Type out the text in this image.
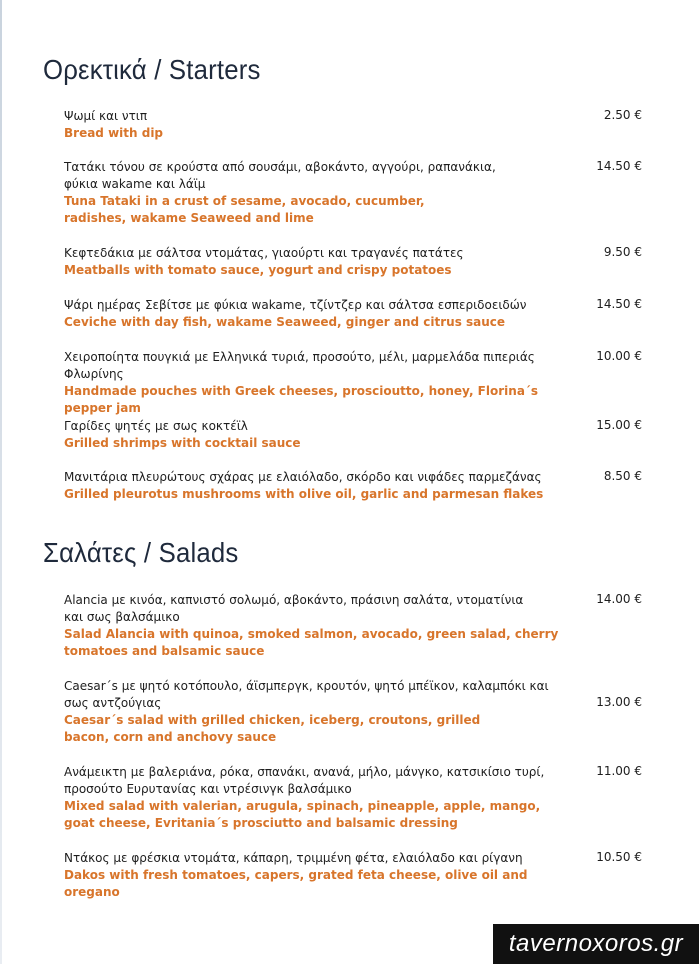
Ορεκτικά / Starters
Ψωμί και ντιπ
Bread with dip
2.50 €
Τατάκι τόνου σε κρούστα από σουσάμι, αβοκάντο, αγγούρι, ραπανάκια, φύκια wakame και λάϊμ
Tuna Tataki in a crust of sesame, avocado, cucumber, radishes, wakame Seaweed and lime
14.50 €
Κεφτεδάκια με σάλτσα ντομάτας, γιαούρτι και τραγανές πατάτες
Meatballs with tomato sauce, yogurt and crispy potatoes
9.50 €
Ψάρι ημέρας Σεβίτσε με φύκια wakame, τζίντζερ και σάλτσα εσπεριδοειδών
Ceviche with day fish, wakame Seaweed, ginger and citrus sauce
14.50 €
Χειροποίητα πουγκιά με Ελληνικά τυριά, προσούτο, μέλι, μαρμελάδα πιπεριάς Φλωρίνης
Handmade pouches with Greek cheeses, prosciouttο, honey, Florina´s pepper jam
10.00 €
Γαρίδες ψητές με σως κοκτέϊλ
Grilled shrimps with cocktail sauce
15.00 €
Μανιτάρια πλευρώτους σχάρας με ελαιόλαδο, σκόρδο και νιφάδες παρμεζάνας
Grilled pleurotus mushrooms with olive oil, garlic and parmesan flakes
8.50 €
Σαλάτες / Salads
Alancia με κινόα, καπνιστό σολωμό, αβοκάντο, πράσινη σαλάτα, ντοματίνια και σως βαλσάμικο
Salad Alancia with quinoa, smoked salmon, avocado, green salad, cherry tomatoes and balsamic sauce
14.00 €
Caesar´s με ψητό κοτόπουλο, άϊσμπεργκ, κρουτόν, ψητό μπέϊκον, καλαμπόκι και σως αντζούγιας
Caesar´s salad with grilled chicken, iceberg, croutons, grilled bacon, corn and anchovy sauce
13.00 €
Ανάμεικτη με βαλεριάνα, ρόκα, σπανάκι, ανανά, μήλο, μάνγκο, κατσικίσιο τυρί, προσούτο Ευρυτανίας και ντρέσινγκ βαλσάμικο
Mixed salad with valerian, arugula, spinach, pineapple, apple, mango, goat cheese, Evritania´s prosciutto and balsamic dressing
11.00 €
Ντάκος με φρέσκια ντομάτα, κάπαρη, τριμμένη φέτα, ελαιόλαδο και ρίγανη
Dakos with fresh tomatoes, capers, grated feta cheese, olive oil and oregano
10.50 €
tavernoxoros.gr
